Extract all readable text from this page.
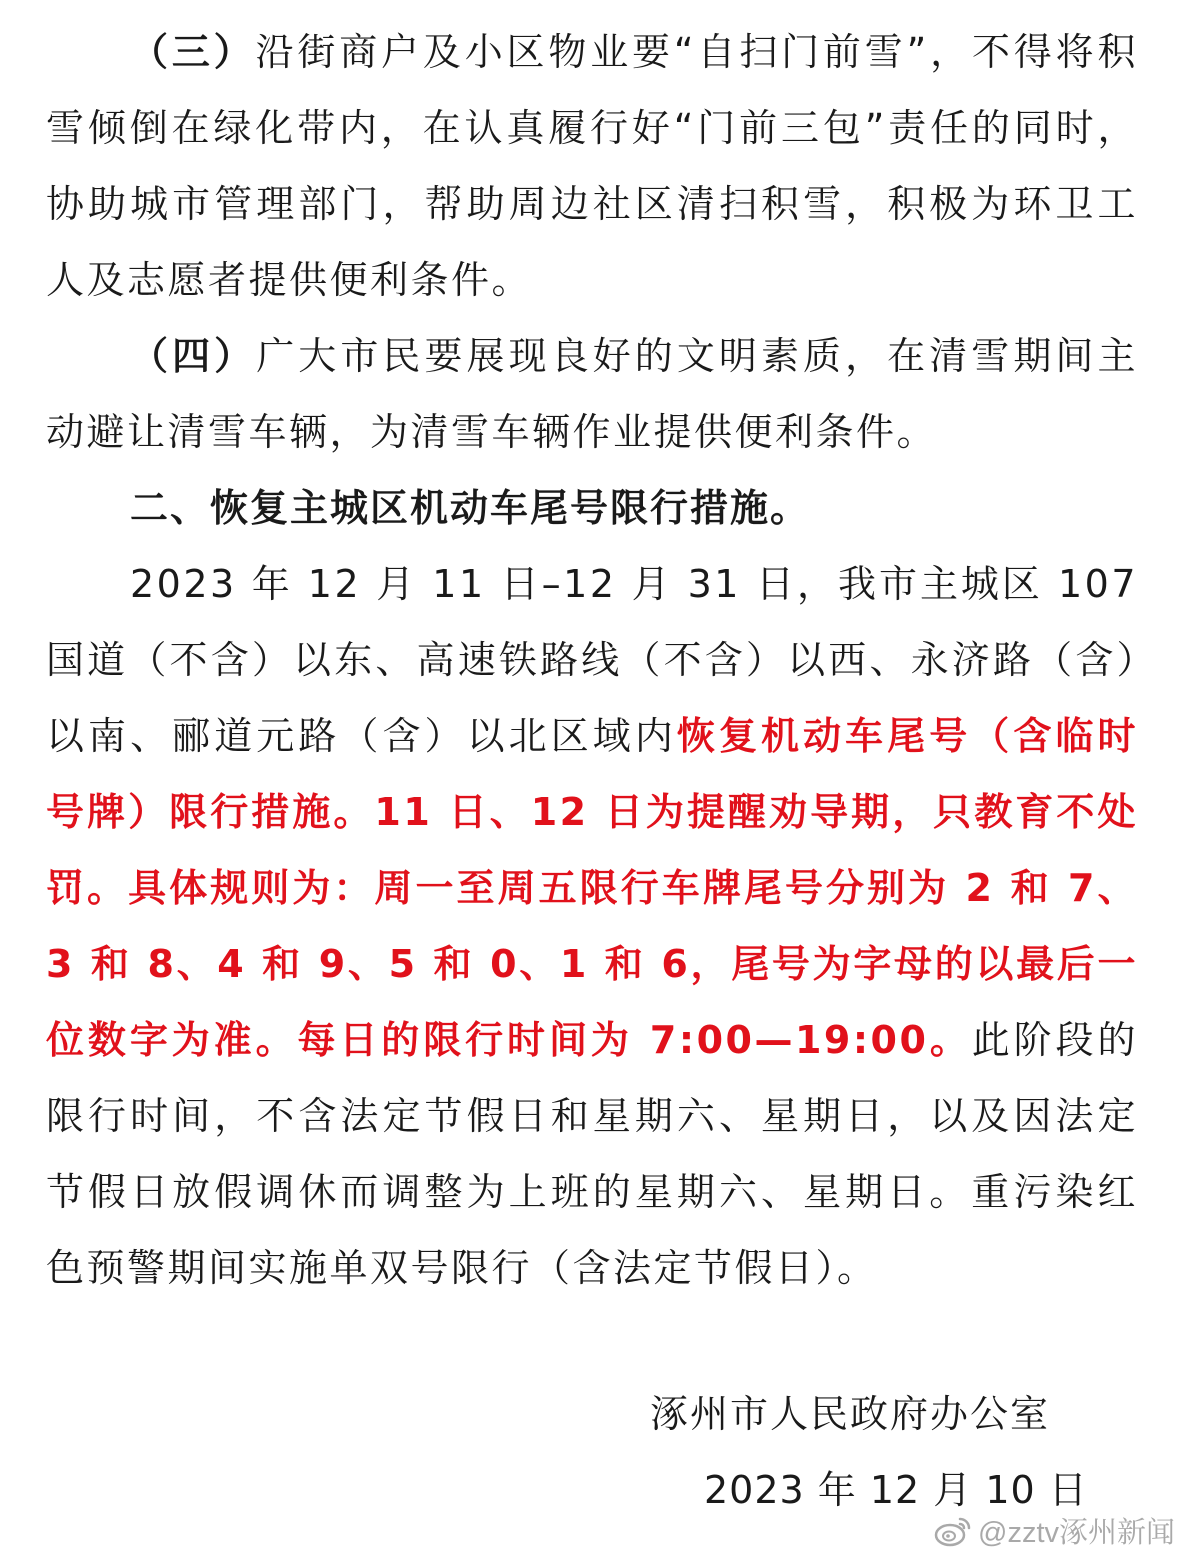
（三）沿街商户及小区物业要“自扫门前雪”，不得将积雪倾倒在绿化带内，在认真履行好“门前三包”责任的同时，协助城市管理部门，帮助周边社区清扫积雪，积极为环卫工人及志愿者提供便利条件。

（四）广大市民要展现良好的文明素质，在清雪期间主动避让清雪车辆，为清雪车辆作业提供便利条件。

二、恢复主城区机动车尾号限行措施。

2023 年 12 月 11 日–12 月 31 日，我市主城区 107 国道（不含）以东、高速铁路线（不含）以西、永济路（含）以南、郦道元路（含）以北区域内恢复机动车尾号（含临时号牌）限行措施。11 日、12 日为提醒劝导期，只教育不处罚。具体规则为：周一至周五限行车牌尾号分别为 2 和 7、3 和 8、4 和 9、5 和 0、1 和 6，尾号为字母的以最后一位数字为准。每日的限行时间为 7:00—19:00。此阶段的限行时间，不含法定节假日和星期六、星期日，以及因法定节假日放假调休而调整为上班的星期六、星期日。重污染红色预警期间实施单双号限行（含法定节假日）。

涿州市人民政府办公室
2023 年 12 月 10 日
@zztv涿州新闻
